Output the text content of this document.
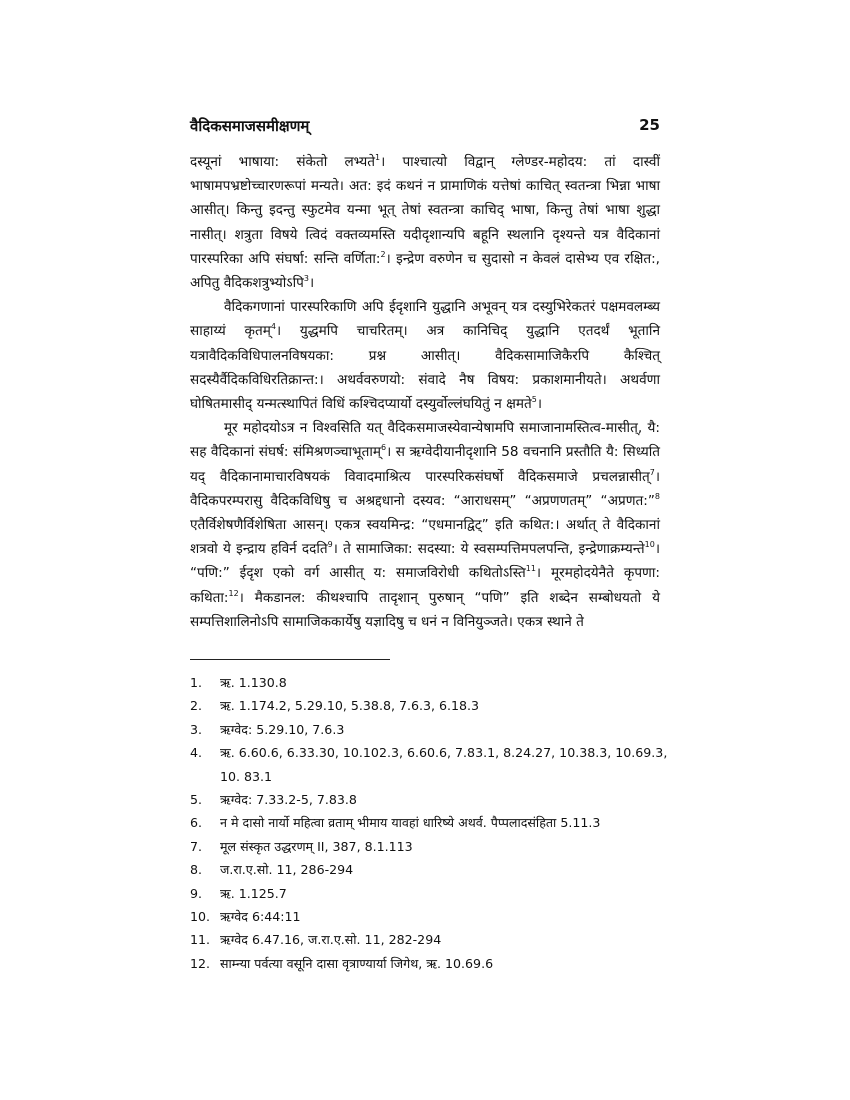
वैदिकसमाजसमीक्षणम्	25

दस्यूनां भाषाया: संकेतो लभ्यते$^1$। पाश्चात्यो विद्वान् ग्लेण्डर-महोदय: तां दास्वीं भाषामपभ्रष्टोच्चारणरूपां मन्यते। अत: इदं कथनं न प्रामाणिकं यत्तेषां काचित् स्वतन्त्रा भिन्ना भाषा आसीत्। किन्तु इदन्तु स्फुटमेव यन्मा भूत् तेषां स्वतन्त्रा काचिद् भाषा, किन्तु तेषां भाषा शुद्धा नासीत्। शत्रुता विषये त्विदं वक्तव्यमस्ति यदीदृशान्यपि बहूनि स्थलानि दृश्यन्ते यत्र वैदिकानां पारस्परिका अपि संघर्षा: सन्ति वर्णिता:$^2$। इन्द्रेण वरुणेन च सुदासो न केवलं दासेभ्य एव रक्षित:, अपितु वैदिकशत्रुभ्योऽपि$^3$।

वैदिकगणानां पारस्परिकाणि अपि ईदृशानि युद्धानि अभूवन् यत्र दस्युभिरेकतरं पक्षमवलम्ब्य साहाय्यं कृतम्$^4$। युद्धमपि चाचरितम्। अत्र कानिचिद् युद्धानि एतदर्थं भूतानि यत्रावैदिकविधिपालनविषयका: प्रश्न आसीत्। वैदिकसामाजिकैरपि कैश्चित् सदस्यैर्वैदिकविधिरतिक्रान्त:। अथर्ववरुणयो: संवादे नैष विषय: प्रकाशमानीयते। अथर्वणा घोषितमासीद् यन्मत्स्थापितं विधिं कश्चिदप्यार्यो दस्युर्वोल्लंघयितुं न क्षमते$^5$।

मूर महोदयोऽत्र न विश्वसिति यत् वैदिकसमाजस्येवान्येषामपि समाजानामस्तित्व-मासीत्, यै: सह वैदिकानां संघर्ष: संमिश्रणञ्चाभूताम्$^6$। स ऋग्वेदीयानीदृशानि 58 वचनानि प्रस्तौति यै: सिध्यति यद् वैदिकानामाचारविषयकं विवादमाश्रित्य पारस्परिकसंघर्षो वैदिकसमाजे प्रचलन्नासीत्$^7$। वैदिकपरम्परासु वैदिकविधिषु च अश्रद्दधानो दस्यव: “आराधसम्” “अप्रणणतम्” “अप्रणत:”$^8$ एतैर्विशेषणैर्विशेषिता आसन्। एकत्र स्वयमिन्द्र: “एधमानद्विट्” इति कथित:। अर्थात् ते वैदिकानां शत्रवो ये इन्द्राय हविर्न ददति$^9$। ते सामाजिका: सदस्या: ये स्वसम्पत्तिमपलपन्ति, इन्द्रेणाक्रम्यन्ते$^{10}$। “पणि:” ईदृश एको वर्ग आसीत् य: समाजविरोधी कथितोऽस्ति$^{11}$। मूरमहोदयेनैते कृपणा: कथिता:$^{12}$। मैकडानल: कीथश्चापि तादृशान् पुरुषान् “पणि” इति शब्देन सम्बोधयतो ये सम्पत्तिशालिनोऽपि सामाजिककार्येषु यज्ञादिषु च धनं न विनियुञ्जते। एकत्र स्थाने ते

1. ऋ. 1.130.8
2. ऋ. 1.174.2, 5.29.10, 5.38.8, 7.6.3, 6.18.3
3. ऋग्वेद: 5.29.10, 7.6.3
4. ऋ. 6.60.6, 6.33.30, 10.102.3, 6.60.6, 7.83.1, 8.24.27, 10.38.3, 10.69.3, 10. 83.1
5. ऋग्वेद: 7.33.2-5, 7.83.8
6. न मे दासो नार्यो महित्वा व्रताम् भीमाय यावहां धारिष्ये अथर्व. पैप्पलादसंहिता 5.11.3
7. मूल संस्कृत उद्धरणम् II, 387, 8.1.113
8. ज.रा.ए.सो. 11, 286-294
9. ऋ. 1.125.7
10. ऋग्वेद 6:44:11
11. ऋग्वेद 6.47.16, ज.रा.ए.सो. 11, 282-294
12. साम्न्या पर्वत्या वसूनि दासा वृत्राण्यार्या जिगेथ, ऋ. 10.69.6
